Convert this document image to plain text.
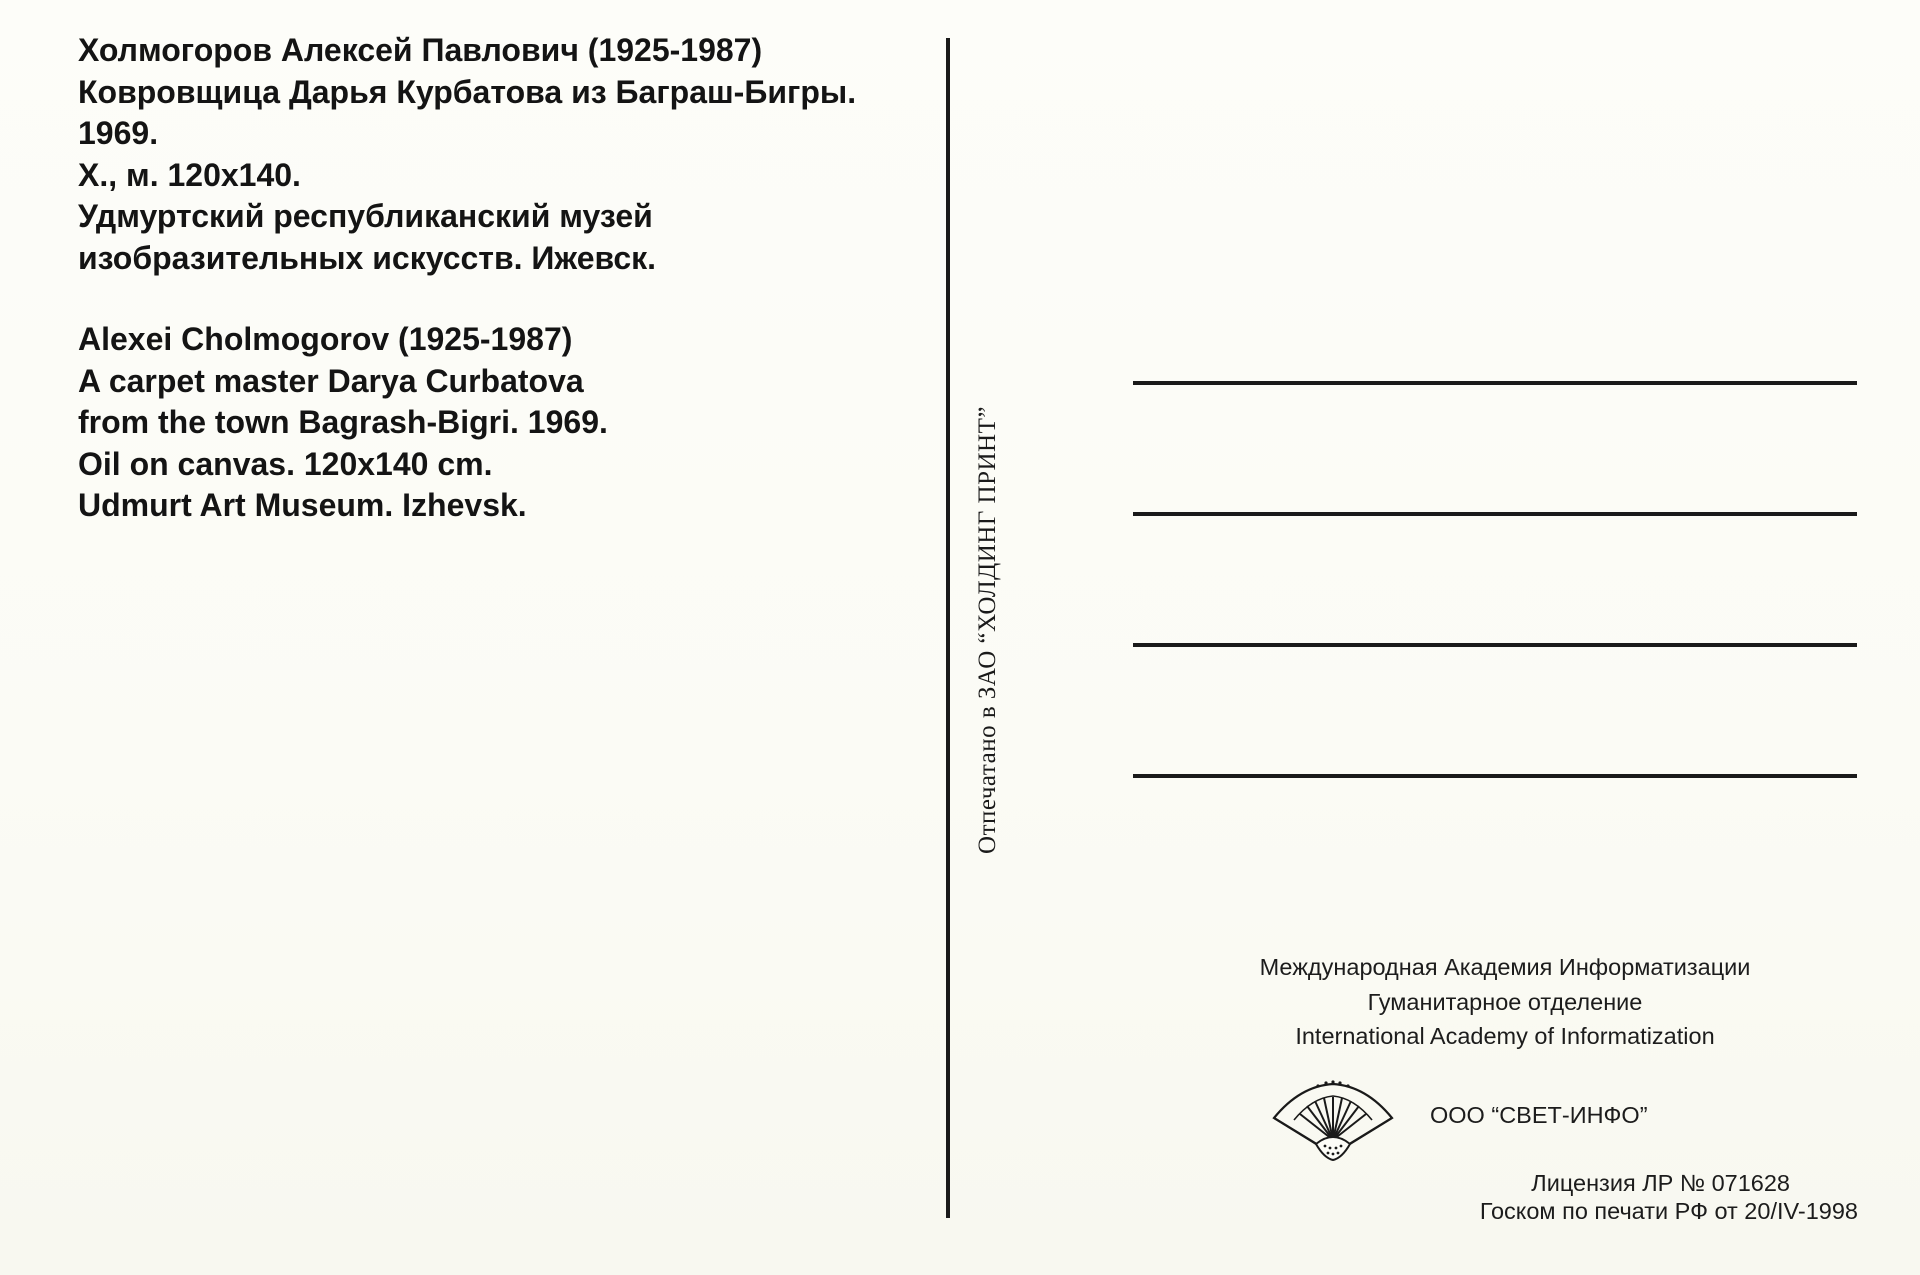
Холмогоров Алексей Павлович (1925-1987)
Ковровщица Дарья Курбатова из Баграш-Бигры.
1969.
Х., м. 120х140.
Удмуртский республиканский музей
изобразительных искусств. Ижевск.
Alexei Cholmogorov (1925-1987)
A carpet master Darya Curbatova
from the town Bagrash-Bigri. 1969.
Oil on canvas. 120x140 cm.
Udmurt Art Museum. Izhevsk.	Отпечатано в ЗАО “ХОЛДИНГ ПРИНТ”
Международная Академия Информатизации
Гуманитарное отделение
International Academy of Informatization
ООО “СВЕТ-ИНФО”
Лицензия ЛР № 071628
Госком по печати РФ от 20/IV-1998
